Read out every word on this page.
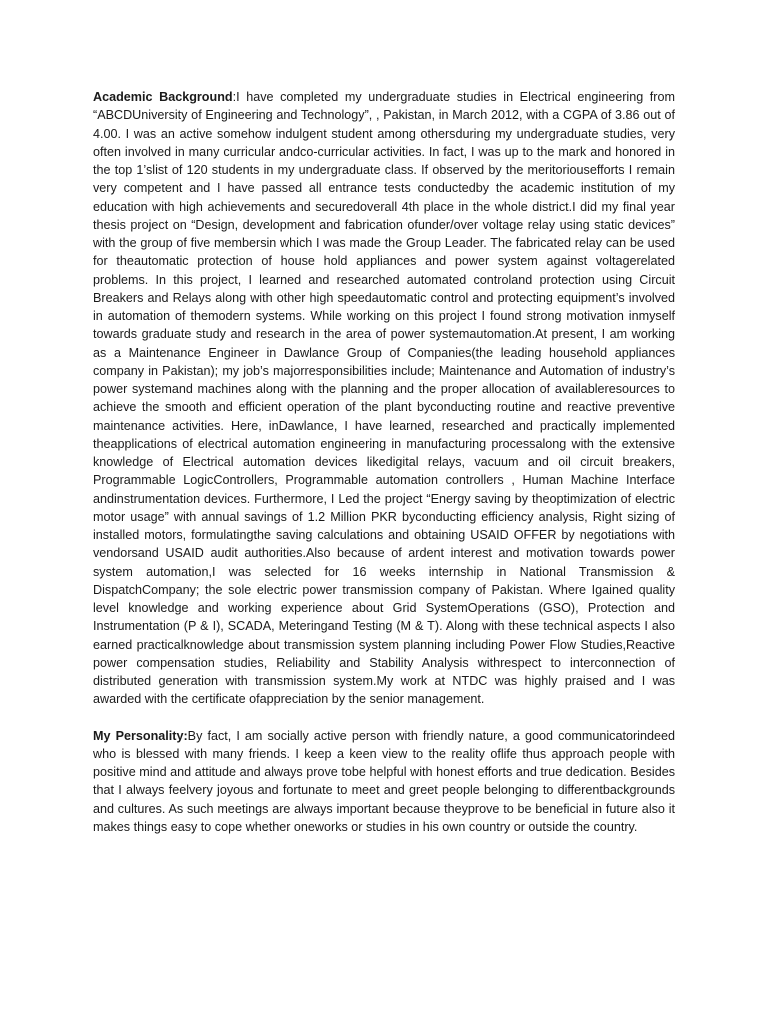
Academic Background:I have completed my undergraduate studies in Electrical engineering from “ABCDUniversity of Engineering and Technology”, , Pakistan, in March 2012, with a CGPA of 3.86 out of 4.00. I was an active somehow indulgent student among othersduring my undergraduate studies, very often involved in many curricular andco-curricular activities. In fact, I was up to the mark and honored in the top 1’slist of 120 students in my undergraduate class. If observed by the meritoriousefforts I remain very competent and I have passed all entrance tests conductedby the academic institution of my education with high achievements and securedoverall 4th place in the whole district.I did my final year thesis project on “Design, development and fabrication ofunder/over voltage relay using static devices” with the group of five membersin which I was made the Group Leader. The fabricated relay can be used for theautomatic protection of house hold appliances and power system against voltagerelated problems. In this project, I learned and researched automated controland protection using Circuit Breakers and Relays along with other high speedautomatic control and protecting equipment’s involved in automation of themodern systems. While working on this project I found strong motivation inmyself towards graduate study and research in the area of power systemautomation.At present, I am working as a Maintenance Engineer in Dawlance Group of Companies(the leading household appliances company in Pakistan); my job’s majorresponsibilities include; Maintenance and Automation of industry’s power systemand machines along with the planning and the proper allocation of availableresources to achieve the smooth and efficient operation of the plant byconducting routine and reactive preventive maintenance activities. Here, inDawlance, I have learned, researched and practically implemented theapplications of electrical automation engineering in manufacturing processalong with the extensive knowledge of Electrical automation devices likedigital relays, vacuum and oil circuit breakers, Programmable LogicControllers, Programmable automation controllers , Human Machine Interface andinstrumentation devices. Furthermore, I Led the project “Energy saving by theoptimization of electric motor usage” with annual savings of 1.2 Million PKR byconducting efficiency analysis, Right sizing of installed motors, formulatingthe saving calculations and obtaining USAID OFFER by negotiations with vendorsand USAID audit authorities.Also because of ardent interest and motivation towards power system automation,I was selected for 16 weeks internship in National Transmission & DispatchCompany; the sole electric power transmission company of Pakistan. Where Igained quality level knowledge and working experience about Grid SystemOperations (GSO), Protection and Instrumentation (P & I), SCADA, Meteringand Testing (M & T). Along with these technical aspects I also earned practicalknowledge about transmission system planning including Power Flow Studies,Reactive power compensation studies, Reliability and Stability Analysis withrespect to interconnection of distributed generation with transmission system.My work at NTDC was highly praised and I was awarded with the certificate ofappreciation by the senior management.

My Personality:By fact, I am socially active person with friendly nature, a good communicatorindeed who is blessed with many friends. I keep a keen view to the reality oflife thus approach people with positive mind and attitude and always prove tobe helpful with honest efforts and true dedication. Besides that I always feelvery joyous and fortunate to meet and greet people belonging to differentbackgrounds and cultures. As such meetings are always important because theyprove to be beneficial in future also it makes things easy to cope whether oneworks or studies in his own country or outside the country.
